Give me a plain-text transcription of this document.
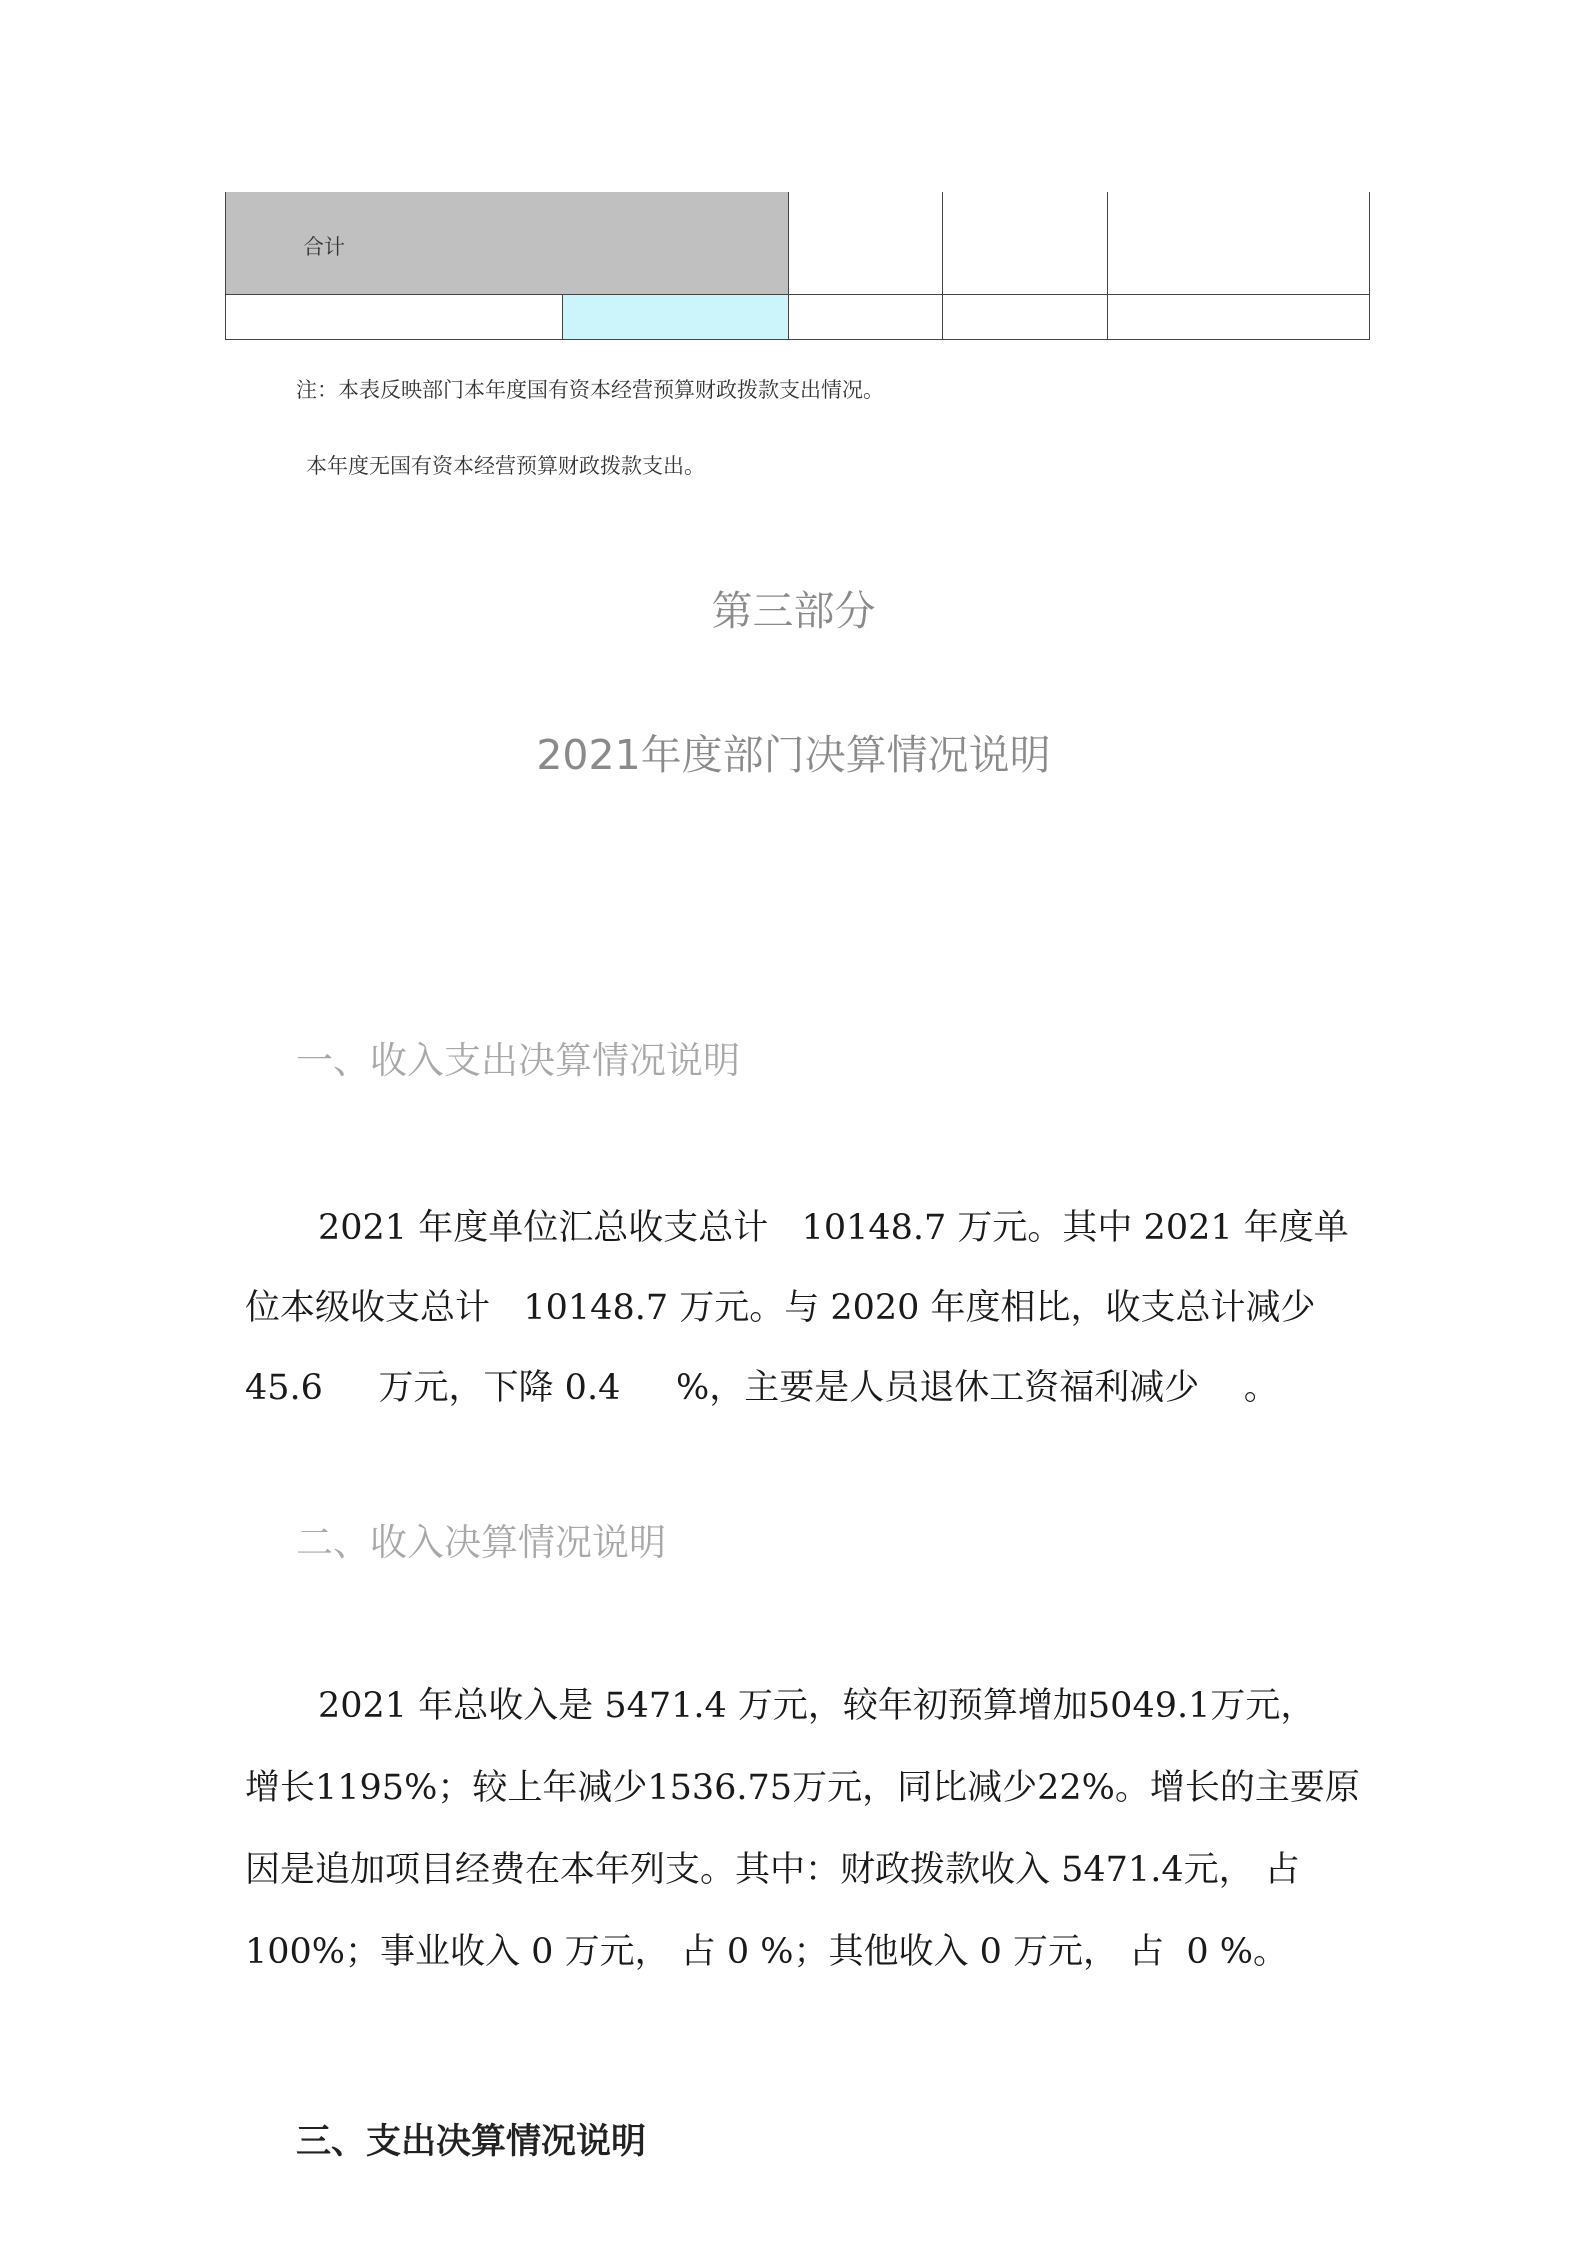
合计
注：本表反映部门本年度国有资本经营预算财政拨款支出情况。
本年度无国有资本经营预算财政拨款支出。
第三部分
2021年度部门决算情况说明
一、收入支出决算情况说明
2021 年度单位汇总收支总计   10148.7 万元。其中 2021 年度单
位本级收支总计   10148.7 万元。与 2020 年度相比，收支总计减少
45.6     万元，下降 0.4     %，主要是人员退休工资福利减少    。
二、收入决算情况说明
2021 年总收入是 5471.4 万元，较年初预算增加5049.1万元，
增长1195%；较上年减少1536.75万元，同比减少22%。增长的主要原
因是追加项目经费在本年列支。其中：财政拨款收入 5471.4元， 占
100%；事业收入 0 万元， 占 0 %；其他收入 0 万元， 占  0 %。
三、支出决算情况说明
